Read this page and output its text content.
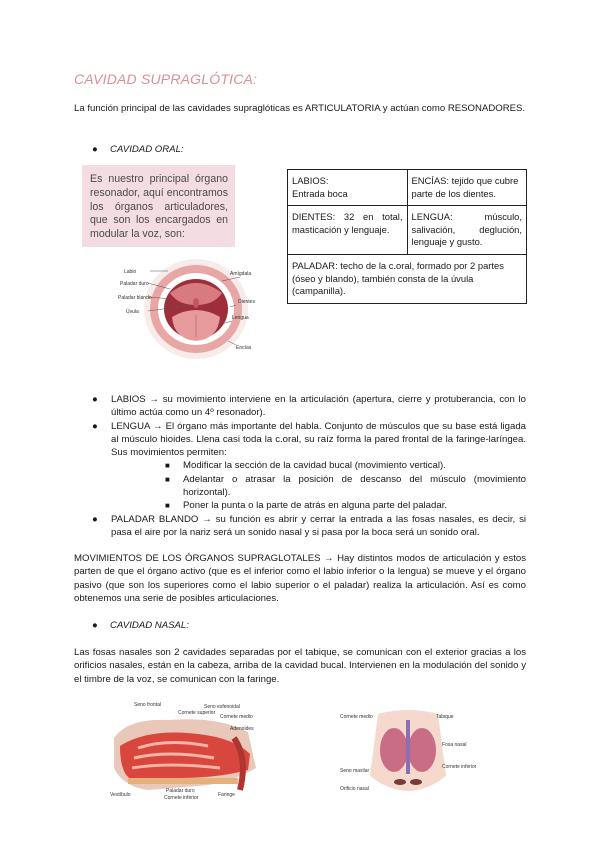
CAVIDAD SUPRAGLÓTICA:
La función principal de las cavidades supraglóticas es ARTICULATORIA y actúan como RESONADORES.
● CAVIDAD ORAL:

Es nuestro principal órgano resonador, aquí encontramos los órganos articuladores, que son los encargados en modular la voz, son:

LABIOS:
Entrada boca	ENCÍAS: tejido que cubre parte de los dientes.
DIENTES: 32 en total, masticación y lenguaje.	LENGUA: músculo, salivación, deglución, lenguaje y gusto.
PALADAR: techo de la c.oral, formado por 2 partes (óseo y blando), también consta de la úvula (campanilla).	
Labio
Paladar duro
Paladar blando
Úvula
Amígdala
Lengua
Dientes
Encías
● LABIOS → su movimiento interviene en la articulación (apertura, cierre y protuberancia, con lo último actúa como un 4º resonador).
● LENGUA → El órgano más importante del habla. Conjunto de músculos que su base está ligada al músculo hioides. Llena casi toda la c.oral, su raíz forma la pared frontal de la faringe-laríngea. Sus movimientos permiten:
■ Modificar la sección de la cavidad bucal (movimiento vertical).
■ Adelantar o atrasar la posición de descanso del músculo (movimiento horizontal).
■ Poner la punta o la parte de atrás en alguna parte del paladar.
● PALADAR BLANDO → su función es abrir y cerrar la entrada a las fosas nasales, es decir, si pasa el aire por la nariz será un sonido nasal y si pasa por la boca será un sonido oral.
MOVIMIENTOS DE LOS ÓRGANOS SUPRAGLOTALES → Hay distintos modos de articulación y estos parten de que el órgano activo (que es el inferior como el labio inferior o la lengua) se mueve y el órgano pasivo (que son los superiores como el labio superior o el paladar) realiza la articulación. Así es como obtenemos una serie de posibles articulaciones.
● CAVIDAD NASAL:
Las fosas nasales son 2 cavidades separadas por el tabique, se comunican con el exterior gracias a los orificios nasales, están en la cabeza, arriba de la cavidad bucal. Intervienen en la modulación del sonido y el timbre de la voz, se comunican con la faringe.
Seno frontal
Cornete superior
Cornete medio
Cornete inferior
Paladar duro
Vestíbulo
Seno esfenoidal
Adenoides
Faringe
Cornete medio
Seno maxilar
Tabique
Fosa nasal
Cornete inferior
Orificio nasal
